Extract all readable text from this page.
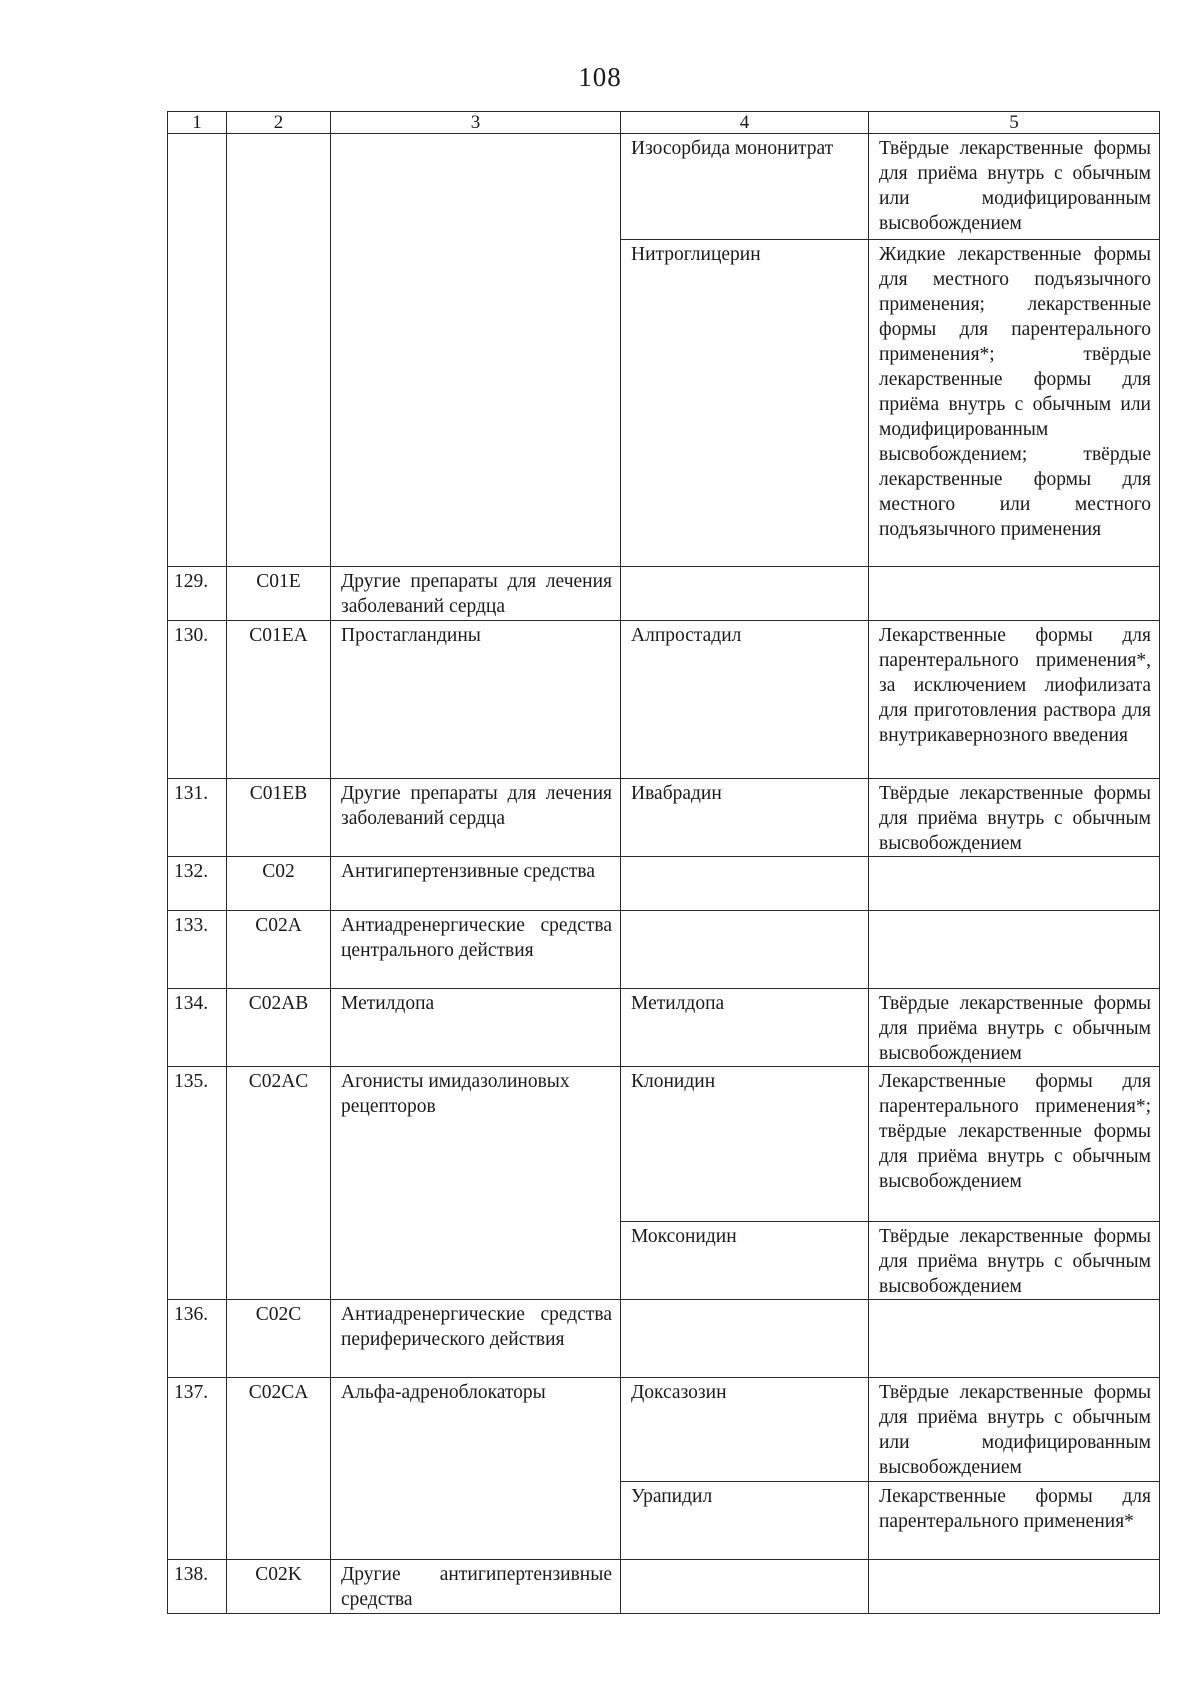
108
1	2	3	4	5
			Изосорбида мононитрат	Твёрдые лекарственные формы для приёма внутрь с обычным или модифицированным высвобождением
			Нитроглицерин	Жидкие лекарственные формы для местного подъязычного применения; лекарственные формы для парентерального применения*; твёрдые лекарственные формы для приёма внутрь с обычным или модифицированным высвобождением; твёрдые лекарственные формы для местного или местного подъязычного применения
129.	C01E	Другие препараты для лечения заболеваний сердца		
130.	C01EA	Простагландины	Алпростадил	Лекарственные формы для парентерального применения*, за исключением лиофилизата для приготовления раствора для внутрикавернозного введения
131.	C01EB	Другие препараты для лечения заболеваний сердца	Ивабрадин	Твёрдые лекарственные формы для приёма внутрь с обычным высвобождением
132.	C02	Антигипертензивные средства		
133.	C02A	Антиадренергические средства центрального действия		
134.	C02AB	Метилдопа	Метилдопа	Твёрдые лекарственные формы для приёма внутрь с обычным высвобождением
135.	C02AC	Агонисты имидазолиновых рецепторов	Клонидин	Лекарственные формы для парентерального применения*; твёрдые лекарственные формы для приёма внутрь с обычным высвобождением
			Моксонидин	Твёрдые лекарственные формы для приёма внутрь с обычным высвобождением
136.	C02C	Антиадренергические средства периферического действия		
137.	C02CA	Альфа-адреноблокаторы	Доксазозин	Твёрдые лекарственные формы для приёма внутрь с обычным или модифицированным высвобождением
			Урапидил	Лекарственные формы для парентерального применения*
138.	C02K	Другие антигипертензивные средства		
